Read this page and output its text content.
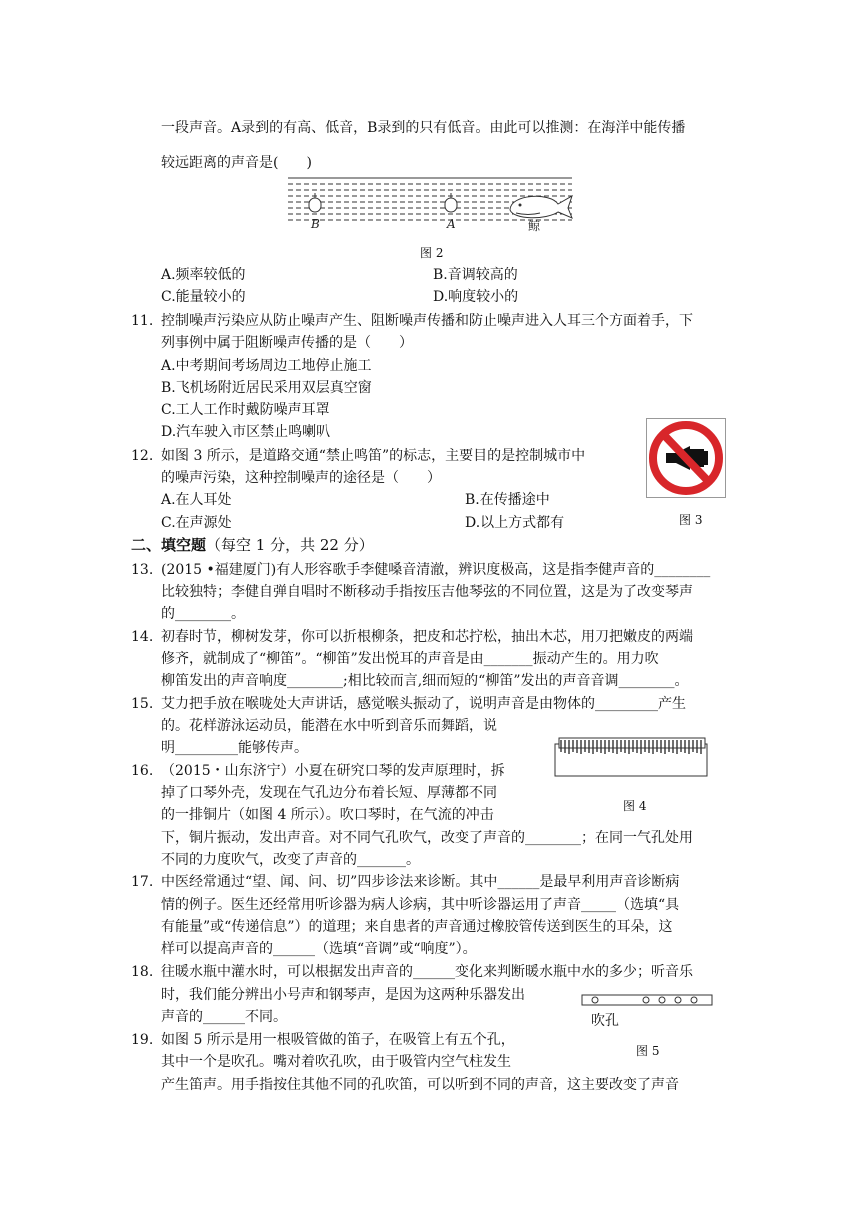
一段声音。A录到的有高、低音，B录到的只有低音。由此可以推测：在海洋中能传播
较远距离的声音是(　　)
B	A	鲸
图 2
A.频率较低的	B.音调较高的
C.能量较小的	D.响度较小的
11. 控制噪声污染应从防止噪声产生、阻断噪声传播和防止噪声进入人耳三个方面着手，下
列事例中属于阻断噪声传播的是（　　）
A.中考期间考场周边工地停止施工
B.飞机场附近居民采用双层真空窗
C.工人工作时戴防噪声耳罩
D.汽车驶入市区禁止鸣喇叭
12. 如图 3 所示，是道路交通“禁止鸣笛”的标志，主要目的是控制城市中
的噪声污染，这种控制噪声的途径是（　　）
A.在人耳处	B.在传播途中
C.在声源处	D.以上方式都有	图 3
二、填空题（每空 1 分，共 22 分）
13. (2015 •福建厦门)有人形容歌手李健嗓音清澈，辨识度极高，这是指李健声音的________
比较独特；李健自弹自唱时不断移动手指按压吉他琴弦的不同位置，这是为了改变琴声
的________。
14. 初春时节，柳树发芽，你可以折根柳条，把皮和芯拧松，抽出木芯，用刀把嫩皮的两端
修齐，就制成了“柳笛”。“柳笛”发出悦耳的声音是由_______振动产生的。用力吹
柳笛发出的声音响度________;相比较而言,细而短的“柳笛”发出的声音音调________。
15. 艾力把手放在喉咙处大声讲话，感觉喉头振动了，说明声音是由物体的_________产生
的。花样游泳运动员，能潜在水中听到音乐而舞蹈，说
明_________能够传声。
图 4
16. （2015・山东济宁）小夏在研究口琴的发声原理时，拆
掉了口琴外壳，发现在气孔边分布着长短、厚薄都不同
的一排铜片（如图 4 所示）。吹口琴时，在气流的冲击
下，铜片振动，发出声音。对不同气孔吹气，改变了声音的________；在同一气孔处用
不同的力度吹气，改变了声音的_______。
17. 中医经常通过“望、闻、问、切”四步诊法来诊断。其中______是最早利用声音诊断病
情的例子。医生还经常用听诊器为病人诊病，其中听诊器运用了声音_____（选填“具
有能量”或“传递信息”）的道理；来自患者的声音通过橡胶管传送到医生的耳朵，这
样可以提高声音的______（选填“音调”或“响度”）。
18. 往暖水瓶中灌水时，可以根据发出声音的______变化来判断暖水瓶中水的多少；听音乐
时，我们能分辨出小号声和钢琴声，是因为这两种乐器发出
声音的______不同。	吹孔
图 5
19. 如图 5 所示是用一根吸管做的笛子，在吸管上有五个孔，
其中一个是吹孔。嘴对着吹孔吹，由于吸管内空气柱发生
产生笛声。用手指按住其他不同的孔吹笛，可以听到不同的声音，这主要改变了声音
